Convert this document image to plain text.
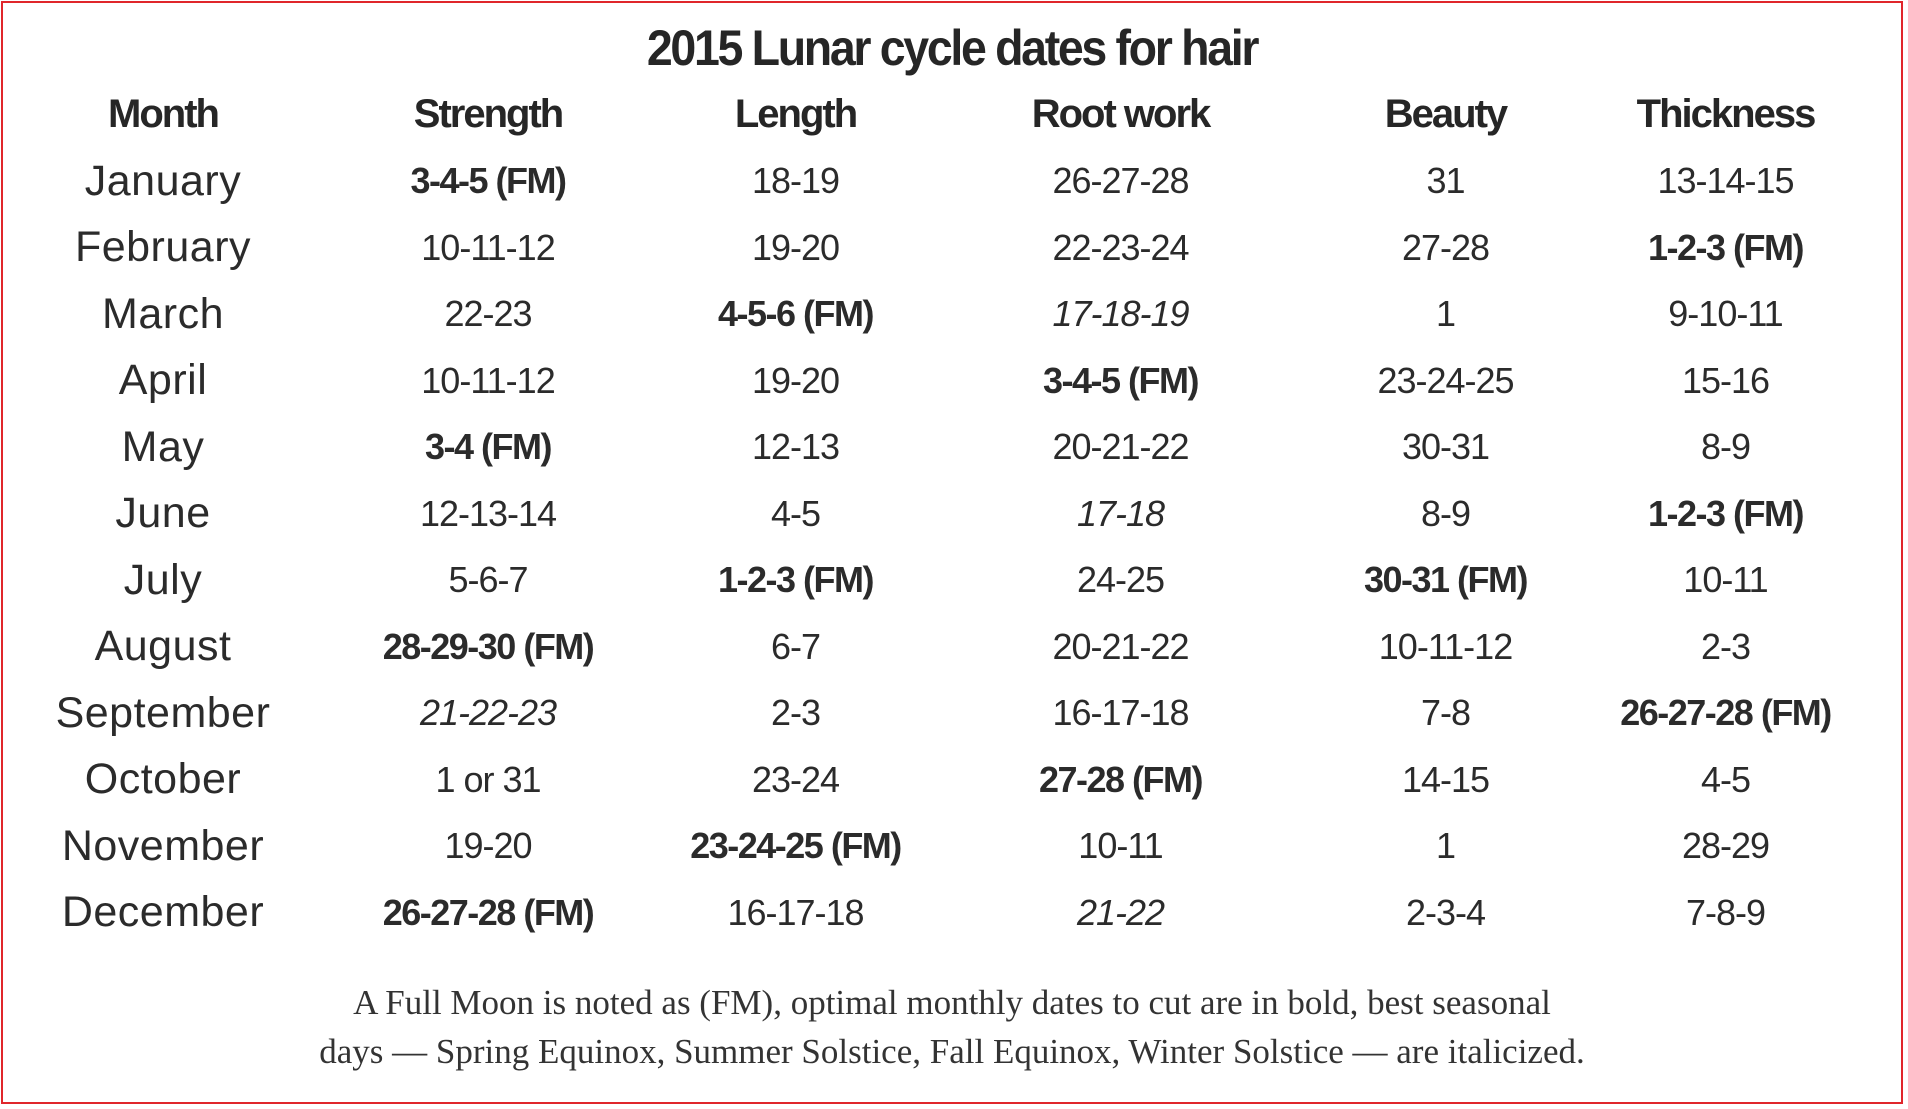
2015 Lunar cycle dates for hair
Month	Strength	Length	Root work	Beauty	Thickness
January	3-4-5 (FM)	18-19	26-27-28	31	13-14-15
February	10-11-12	19-20	22-23-24	27-28	1-2-3 (FM)
March	22-23	4-5-6 (FM)	17-18-19	1	9-10-11
April	10-11-12	19-20	3-4-5 (FM)	23-24-25	15-16
May	3-4 (FM)	12-13	20-21-22	30-31	8-9
June	12-13-14	4-5	17-18	8-9	1-2-3 (FM)
July	5-6-7	1-2-3 (FM)	24-25	30-31 (FM)	10-11
August	28-29-30 (FM)	6-7	20-21-22	10-11-12	2-3
September	21-22-23	2-3	16-17-18	7-8	26-27-28 (FM)
October	1 or 31	23-24	27-28 (FM)	14-15	4-5
November	19-20	23-24-25 (FM)	10-11	1	28-29
December	26-27-28 (FM)	16-17-18	21-22	2-3-4	7-8-9
A Full Moon is noted as (FM), optimal monthly dates to cut are in bold, best seasonal
days — Spring Equinox, Summer Solstice, Fall Equinox, Winter Solstice — are italicized.
